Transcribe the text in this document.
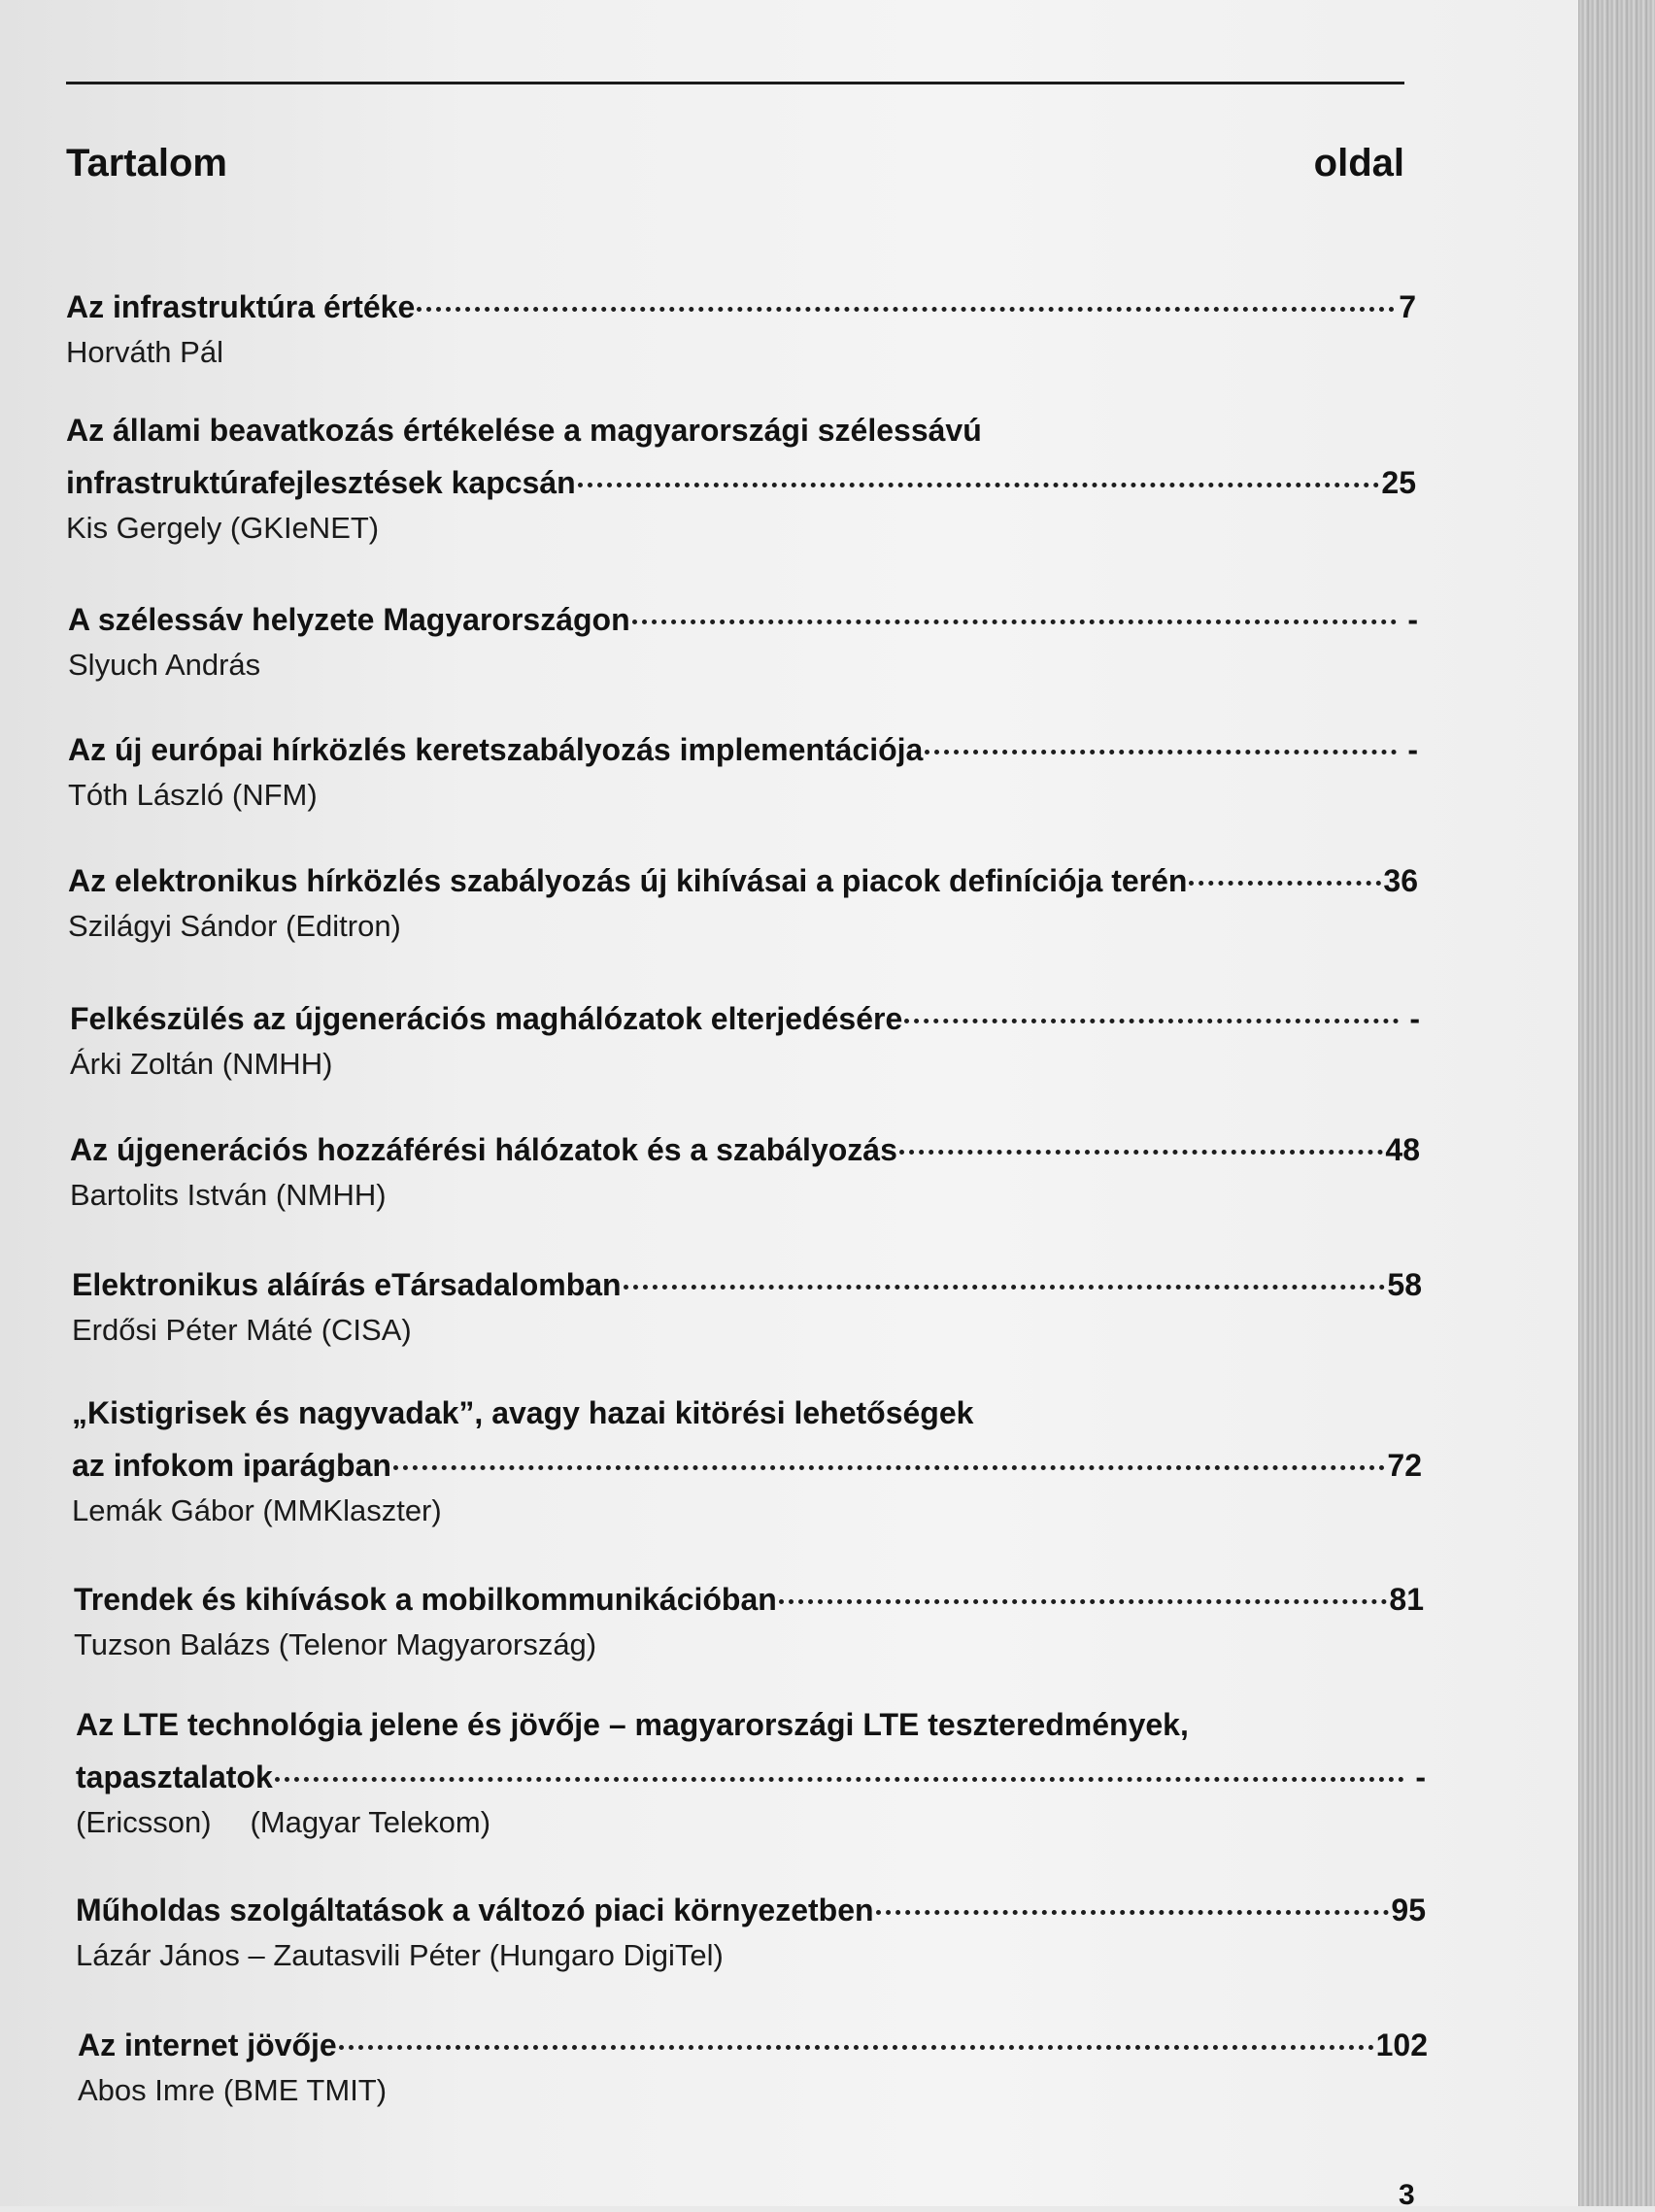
Tartalom	oldal
Az infrastruktúra értéke	7
Horváth Pál
Az állami beavatkozás értékelése a magyarországi szélessávú
infrastruktúrafejlesztések kapcsán	25
Kis Gergely (GKIeNET)
A szélessáv helyzete Magyarországon	-
Slyuch András
Az új európai hírközlés keretszabályozás implementációja	-
Tóth László (NFM)
Az elektronikus hírközlés szabályozás új kihívásai a piacok definíciója terén	36
Szilágyi Sándor (Editron)
Felkészülés az újgenerációs maghálózatok elterjedésére	-
Árki Zoltán (NMHH)
Az újgenerációs hozzáférési hálózatok és a szabályozás	48
Bartolits István (NMHH)
Elektronikus aláírás eTársadalomban	58
Erdősi Péter Máté (CISA)
„Kistigrisek és nagyvadak”, avagy hazai kitörési lehetőségek
az infokom iparágban	72
Lemák Gábor (MMKlaszter)
Trendek és kihívások a mobilkommunikációban	81
Tuzson Balázs (Telenor Magyarország)
Az LTE technológia jelene és jövője – magyarországi LTE teszteredmények,
tapasztalatok	-
(Ericsson) (Magyar Telekom)
Műholdas szolgáltatások a változó piaci környezetben	95
Lázár János – Zautasvili Péter (Hungaro DigiTel)
Az internet jövője	102
Abos Imre (BME TMIT)
3
